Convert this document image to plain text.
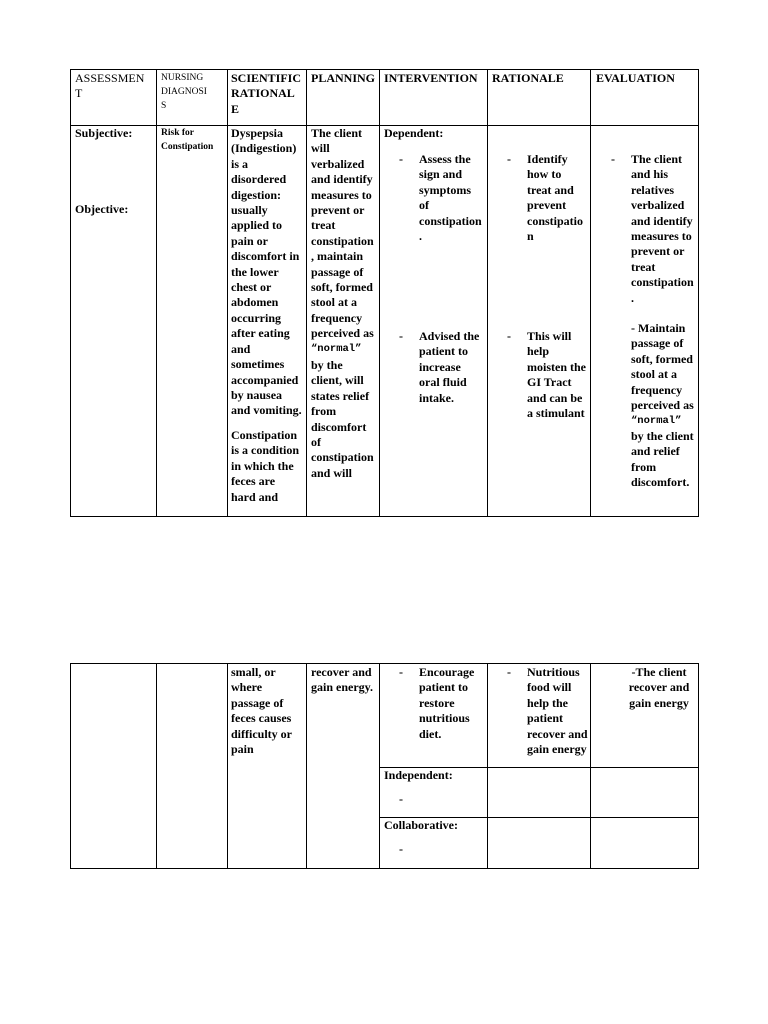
ASSESSMEN
T
NURSING
DIAGNOSI
S
SCIENTIFIC
RATIONAL
E
PLANNING INTERVENTION RATIONALE	EVALUATION
Subjective:
Objective:
Risk for
Constipation
Dyspepsia
(Indigestion)
is a
disordered
digestion:
usually
applied to
pain or
discomfort in
the lower
chest or
abdomen
occurring
after eating
and
sometimes
accompanied
by nausea
and vomiting.
Constipation
is a condition
in which the
feces are
hard and
The client
will
verbalized
and identify
measures to
prevent or
treat
constipation
, maintain
passage of
soft, formed
stool at a
frequency
perceived as
“normal”
by the
client, will
states relief
from
discomfort
of
constipation
and will
Dependent:
- Assess the
sign and
symptoms
of
constipation
.
- Advised the
patient to
increase
oral fluid
intake.
- Identify
how to
treat and
prevent
constipatio
n
- This will
help
moisten the
GI Tract
and can be
a stimulant
- The client
and his
relatives
verbalized
and identify
measures to
prevent or
treat
constipation
.
- Maintain
passage of
soft, formed
stool at a
frequency
perceived as
“normal”
by the client
and relief
from
discomfort.
small, or
where
passage of
feces causes
difficulty or
pain
recover and
gain energy.
- Encourage
patient to
restore
nutritious
diet.
- Nutritious
food will
help the
patient
recover and
gain energy
-The client
recover and
gain energy
Independent:
-
Collaborative:
-
